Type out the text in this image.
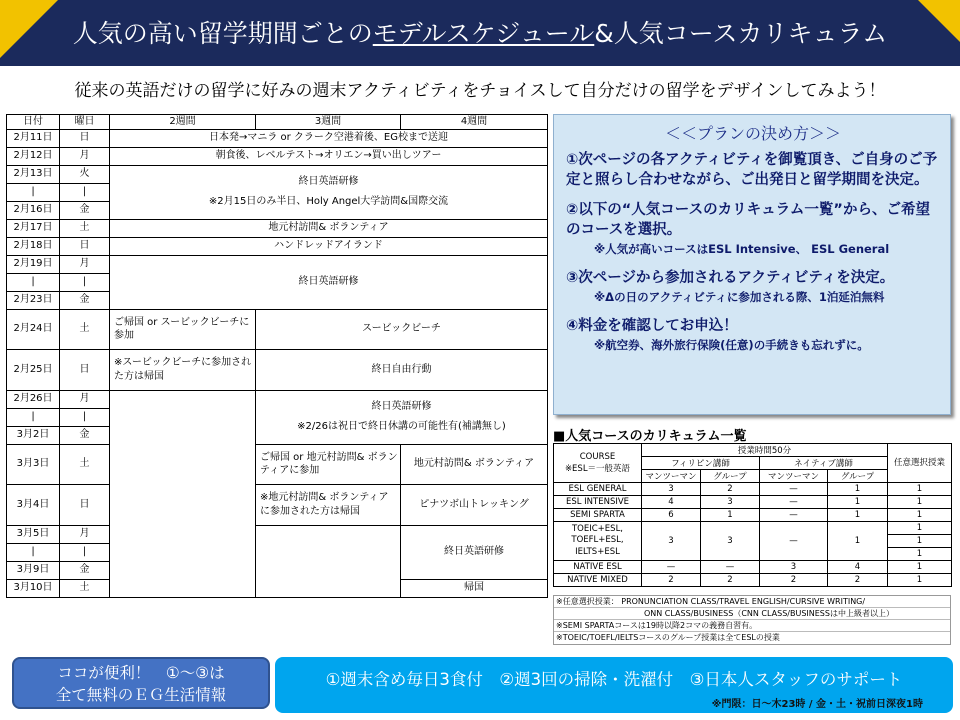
人気の高い留学期間ごとのモデルスケジュール&人気コースカリキュラム
従来の英語だけの留学に好みの週末アクティビティをチョイスして自分だけの留学をデザインしてみよう！
日付	曜日	2週間	3週間	4週間
2月11日	日	日本発→マニラ or クラーク空港着後、EG校まで送迎		
2月12日	月	朝食後、レベルテスト→オリエン→買い出しツアー		
2月13日	火	終日英語研修
※2月15日のみ半日、Holy Angel大学訪問&国際交流		
|	|			
2月16日	金			
2月17日	土	地元村訪問& ボランティア		
2月18日	日	ハンドレッドアイランド		
2月19日	月	終日英語研修		
|	|			
2月23日	金			
2月24日	土	ご帰国 or スービックビーチに参加	スービックビーチ	
2月25日	日	※スービックビーチに参加された方は帰国	終日自由行動	
2月26日	月		終日英語研修
※2/26は祝日で終日休講の可能性有(補講無し)	
|	|			
3月2日	金			
3月3日	土		ご帰国 or 地元村訪問& ボランティアに参加	地元村訪問& ボランティア
3月4日	日		※地元村訪問& ボランティアに参加された方は帰国	ピナツボ山トレッキング
3月5日	月			終日英語研修
|	|			
3月9日	金			
3月10日	土			帰国
＜＜プランの決め方＞＞
①次ページの各アクティビティを御覧頂き、ご自身のご予定と照らし合わせながら、ご出発日と留学期間を決定。
②以下の“人気コースのカリキュラム一覧”から、ご希望のコースを選択。
※人気が高いコースはESL Intensive、 ESL General
③次ページから参加されるアクティビティを決定。
※Δの日のアクティビティに参加される際、1泊延泊無料
④料金を確認してお申込！
※航空券、海外旅行保険(任意)の手続きも忘れずに。
■人気コースのカリキュラム一覧
COURSE
※ESL＝一般英語	授業時間50分				任意選択授業
	フィリピン講師		ネイティブ講師		
	マンツーマン	グループ	マンツーマン	グループ	
ESL GENERAL	3	2	—	1	1
ESL INTENSIVE	4	3	—	1	1
SEMI SPARTA	6	1	—	1	1
TOEIC+ESL,
TOEFL+ESL,
IELTS+ESL	3	3	—	1	1
					1
					1
NATIVE ESL	—	—	3	4	1
NATIVE MIXED	2	2	2	2	1
※任意選択授業： PRONUNCIATION CLASS/TRAVEL ENGLISH/CURSIVE WRITING/
ONN CLASS/BUSINESS（CNN CLASS/BUSINESSは中上級者以上）
※SEMI SPARTAコースは19時以降2コマの義務自習有。
※TOEIC/TOEFL/IELTSコースのグループ授業は全てESLの授業
ココが便利！　①～③は
全て無料のＥＧ生活情報
①週末含め毎日3食付　②週3回の掃除・洗濯付　③日本人スタッフのサポート
※門限：日～木23時 / 金・土・祝前日深夜1時
